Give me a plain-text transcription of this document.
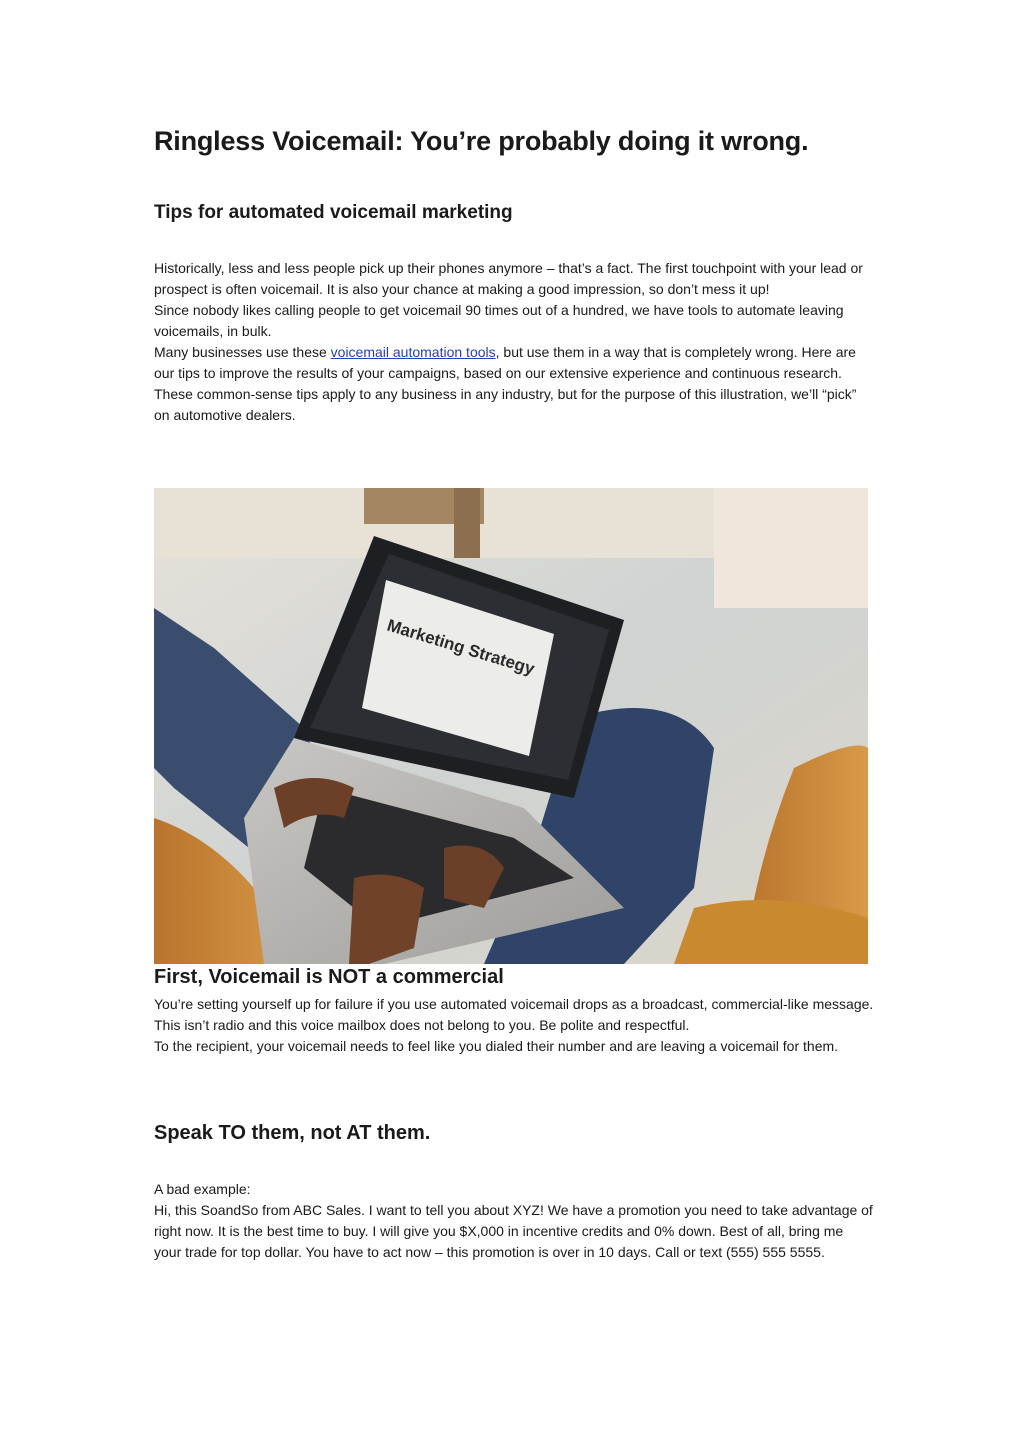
Ringless Voicemail: You’re probably doing it wrong.
Tips for automated voicemail marketing

Historically, less and less people pick up their phones anymore – that’s a fact. The first touchpoint with your lead or prospect is often voicemail. It is also your chance at making a good impression, so don’t mess it up!

Since nobody likes calling people to get voicemail 90 times out of a hundred, we have tools to automate leaving voicemails, in bulk.

Many businesses use these voicemail automation tools, but use them in a way that is completely wrong. Here are our tips to improve the results of your campaigns, based on our extensive experience and continuous research.

These common-sense tips apply to any business in any industry, but for the purpose of this illustration, we’ll “pick” on automotive dealers.

Marketing Strategy
First, Voicemail is NOT a commercial

You’re setting yourself up for failure if you use automated voicemail drops as a broadcast, commercial-like message. This isn’t radio and this voice mailbox does not belong to you. Be polite and respectful.

To the recipient, your voicemail needs to feel like you dialed their number and are leaving a voicemail for them.

Speak TO them, not AT them.

A bad example:

Hi, this SoandSo from ABC Sales. I want to tell you about XYZ! We have a promotion you need to take advantage of right now. It is the best time to buy. I will give you $X,000 in incentive credits and 0% down. Best of all, bring me your trade for top dollar. You have to act now – this promotion is over in 10 days. Call or text (555) 555 5555.
